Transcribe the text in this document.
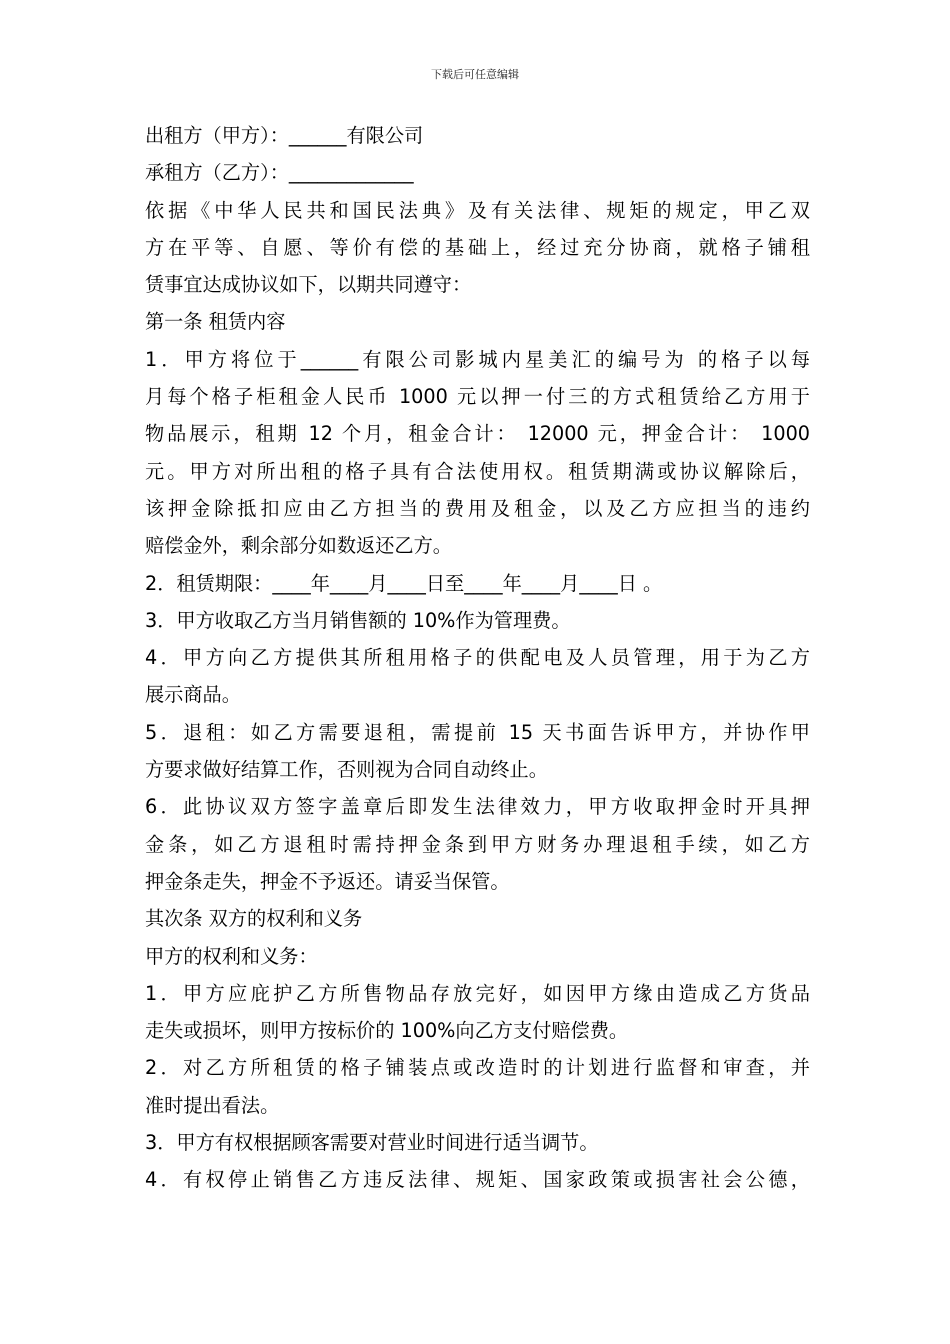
下载后可任意编辑
出租方（甲方）：______有限公司
承租方（乙方）：_____________
依据《中华人民共和国民法典》及有关法律、规矩的规定，甲乙双
方在平等、自愿、等价有偿的基础上，经过充分协商，就格子铺租
赁事宜达成协议如下，以期共同遵守：
第一条 租赁内容
1．甲方将位于______有限公司影城内星美汇的编号为 的格子以每
月每个格子柜租金人民币 1000 元以押一付三的方式租赁给乙方用于
物品展示，租期 12 个月，租金合计： 12000 元，押金合计： 1000
元。甲方对所出租的格子具有合法使用权。租赁期满或协议解除后，
该押金除抵扣应由乙方担当的费用及租金，以及乙方应担当的违约
赔偿金外，剩余部分如数返还乙方。
2．租赁期限：____年____月____日至____年____月____日 。
3．甲方收取乙方当月销售额的 10%作为管理费。
4．甲方向乙方提供其所租用格子的供配电及人员管理，用于为乙方
展示商品。
5．退租：如乙方需要退租，需提前 15 天书面告诉甲方，并协作甲
方要求做好结算工作，否则视为合同自动终止。
6．此协议双方签字盖章后即发生法律效力，甲方收取押金时开具押
金条，如乙方退租时需持押金条到甲方财务办理退租手续，如乙方
押金条走失，押金不予返还。请妥当保管。
其次条 双方的权利和义务
甲方的权利和义务：
1．甲方应庇护乙方所售物品存放完好，如因甲方缘由造成乙方货品
走失或损坏，则甲方按标价的 100%向乙方支付赔偿费。
2．对乙方所租赁的格子铺装点或改造时的计划进行监督和审查，并
准时提出看法。
3．甲方有权根据顾客需要对营业时间进行适当调节。
4．有权停止销售乙方违反法律、规矩、国家政策或损害社会公德，
